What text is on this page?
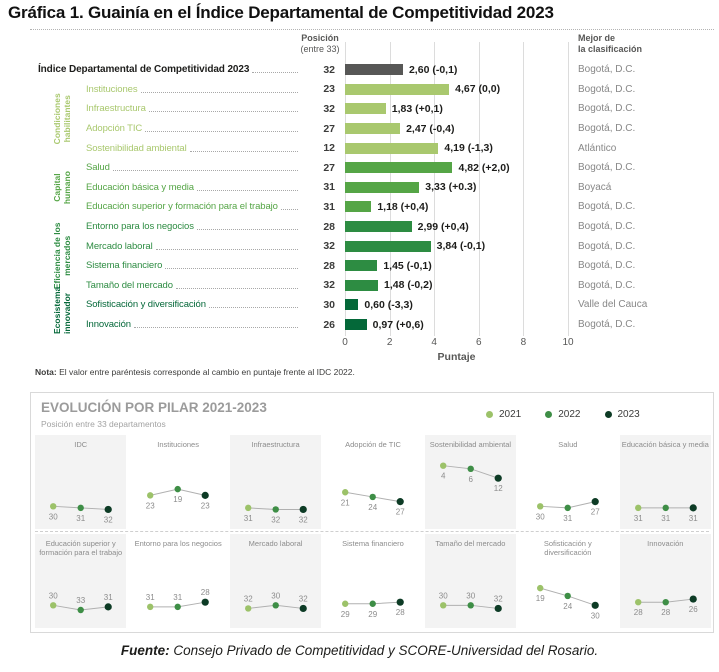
Gráfica 1. Guainía en el Índice Departamental de Competitividad 2023
Posición
(entre 33)
Mejor de
la clasificación
Índice Departamental de Competitividad 2023	32	2,60 (-0,1)	Bogotá, D.C.
Instituciones	23	4,67 (0,0)	Bogotá, D.C.
Infraestructura	32	1,83 (+0,1)	Bogotá, D.C.
Adopción TIC	27	2,47 (-0,4)	Bogotá, D.C.
Sostenibilidad ambiental	12	4,19 (-1,3)	Atlántico
Salud	27	4,82 (+2,0)	Bogotá, D.C.
Educación básica y media	31	3,33 (+0.3)	Boyacá
Educación superior y formación para el trabajo	31	1,18 (+0,4)	Bogotá, D.C.
Entorno para los negocios	28	2,99 (+0,4)	Bogotá, D.C.
Mercado laboral	32	3,84 (-0,1)	Bogotá, D.C.
Sistema financiero	28	1,45 (-0,1)	Bogotá, D.C.
Tamaño del mercado	32	1,48 (-0,2)	Bogotá, D.C.
Sofisticación y diversificación	30	0,60 (-3,3)	Valle del Cauca
Innovación	26	0,97 (+0,6)	Bogotá, D.C.
Condiciones habilitantes
Capital humano
Eficiencia de los mercados
Ecosistema innovador
0	2	4	6	8	10
Puntaje
Nota: El valor entre paréntesis corresponde al cambio en puntaje frente al IDC 2022.
EVOLUCIÓN POR PILAR 2021-2023
Posición entre 33 departamentos
2021	2022	2023
IDC
30 31 32
Instituciones
23
19
23
Infraestructura
31 32 32
Adopción de TIC
21
24
27
Sostenibilidad ambiental
4	6
12
Salud
30 31
27
Educación básica y media
31 31 31
Educación superior y formación para el trabajo
30
33 31
Entorno para los negocios
31 31
28
Mercado laboral
32 30 32
Sistema financiero
29 29 28
Tamaño del mercado
30 30 32
Sofisticación y diversificación
19
24
30
Innovación
28 28 26
Fuente: Consejo Privado de Competitividad y SCORE-Universidad del Rosario.
